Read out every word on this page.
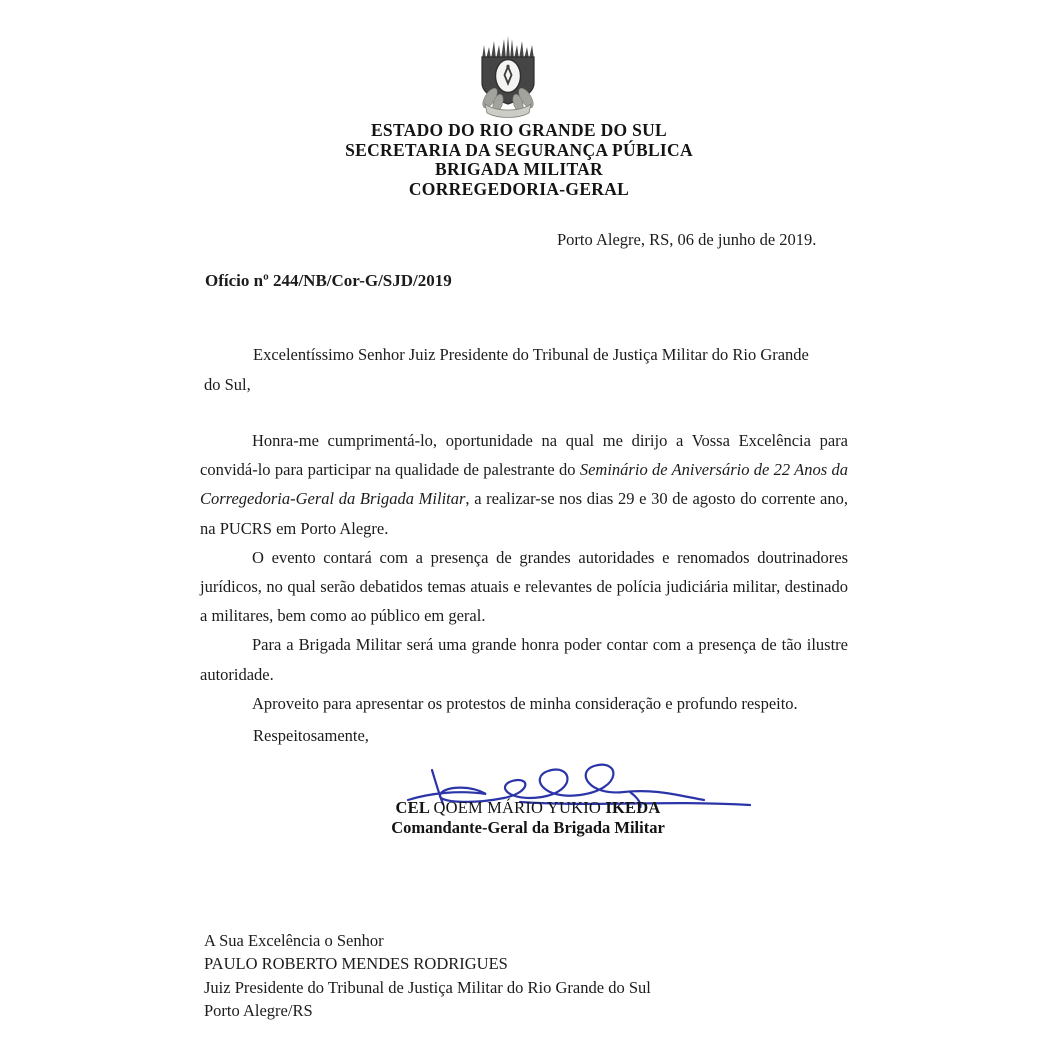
ESTADO DO RIO GRANDE DO SUL
SECRETARIA DA SEGURANÇA PÚBLICA
BRIGADA MILITAR
CORREGEDORIA-GERAL
Porto Alegre, RS, 06 de junho de 2019.
Ofício nº 244/NB/Cor-G/SJD/2019
Excelentíssimo Senhor Juiz Presidente do Tribunal de Justiça Militar do Rio Grande do Sul,

Honra-me cumprimentá-lo, oportunidade na qual me dirijo a Vossa Excelência para convidá-lo para participar na qualidade de palestrante do Seminário de Aniversário de 22 Anos da Corregedoria-Geral da Brigada Militar, a realizar-se nos dias 29 e 30 de agosto do corrente ano, na PUCRS em Porto Alegre.

O evento contará com a presença de grandes autoridades e renomados doutrinadores jurídicos, no qual serão debatidos temas atuais e relevantes de polícia judiciária militar, destinado a militares, bem como ao público em geral.

Para a Brigada Militar será uma grande honra poder contar com a presença de tão ilustre autoridade.

Aproveito para apresentar os protestos de minha consideração e profundo respeito.

Respeitosamente,
CEL QOEM MÁRIO YUKIO IKEDA
Comandante-Geral da Brigada Militar
A Sua Excelência o Senhor
PAULO ROBERTO MENDES RODRIGUES
Juiz Presidente do Tribunal de Justiça Militar do Rio Grande do Sul
Porto Alegre/RS
